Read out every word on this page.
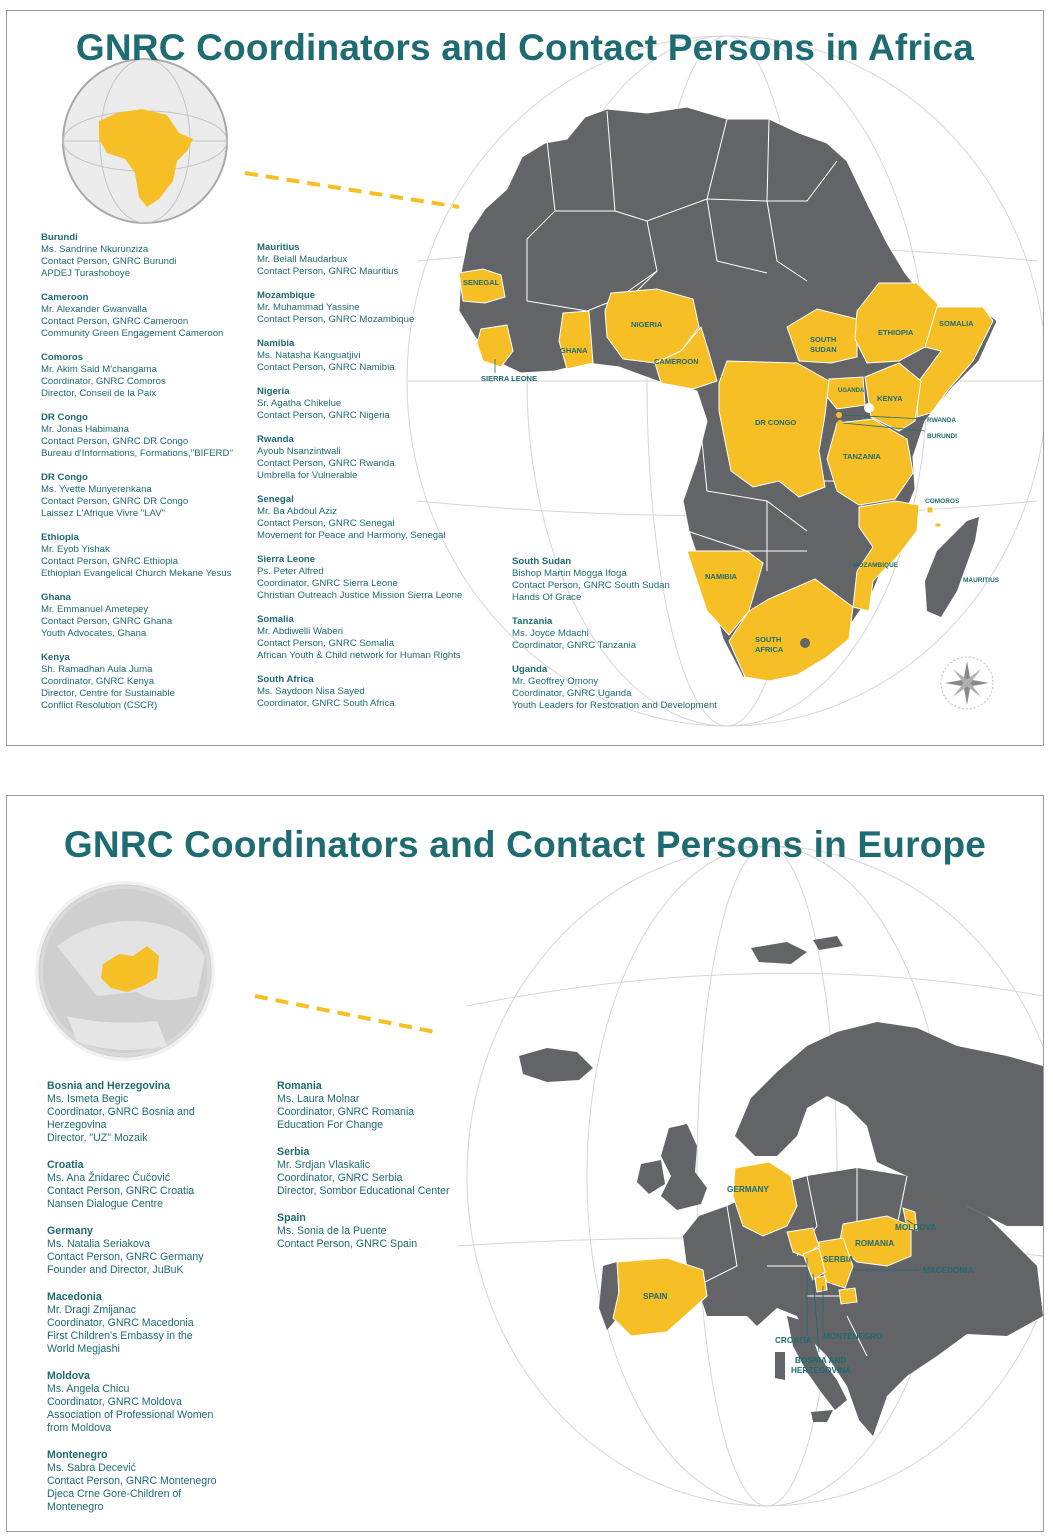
SENEGAL
SIERRA LEONE
GHANA
NIGERIA
CAMEROON
SOUTH
SUDAN
ETHIOPIA
SOMALIA
UGANDA
KENYA
RWANDA
BURUNDI
DR CONGO
TANZANIA
COMOROS
MOZAMBIQUE
MAURITIUS
NAMIBIA
SOUTH
AFRICA
GNRC Coordinators and Contact Persons in Africa
Burundi
Ms. Sandrine Nkurunziza
Contact Person, GNRC Burundi
APDEJ Turashoboye
Cameroon
Mr. Alexander Gwanvalla
Contact Person, GNRC Cameroon
Community Green Engagement Cameroon
Comoros
Mr. Akim Said M'changama
Coordinator, GNRC Comoros
Director, Conseil de la Paix
DR Congo
Mr. Jonas Habimana
Contact Person, GNRC DR Congo
Bureau d'Informations, Formations,''BIFERD''
DR Congo
Ms. Yvette Munyerenkana
Contact Person, GNRC DR Congo
Laissez L'Afrique Vivre "LAV"
Ethiopia
Mr. Eyob Yishak
Contact Person, GNRC Ethiopia
Ethiopian Evangelical Church Mekane Yesus
Ghana
Mr. Emmanuel Ametepey
Contact Person, GNRC Ghana
Youth Advocates, Ghana
Kenya
Sh. Ramadhan Aula Juma
Coordinator, GNRC Kenya
Director, Centre for Sustainable
Conflict Resolution (CSCR)
Mauritius
Mr. Belall Maudarbux
Contact Person, GNRC Mauritius
Mozambique
Mr. Muhammad Yassine
Contact Person, GNRC Mozambique
Namibia
Ms. Natasha Kanguatjivi
Contact Person, GNRC Namibia
Nigeria
Sr. Agatha Chikelue
Contact Person, GNRC Nigeria
Rwanda
Ayoub Nsanzintwali
Contact Person, GNRC Rwanda
Umbrella for Vulnerable
Senegal
Mr. Ba Abdoul Aziz
Contact Person, GNRC Senegal
Movement for Peace and Harmony, Senegal
Sierra Leone
Ps. Peter Alfred
Coordinator, GNRC Sierra Leone
Christian Outreach Justice Mission Sierra Leone
Somalia
Mr. Abdiwelli Waberi
Contact Person, GNRC Somalia
African Youth & Child network for Human Rights
South Africa
Ms. Saydoon Nisa Sayed
Coordinator, GNRC South Africa
South Sudan
Bishop Martin Mogga Ifoga
Contact Person, GNRC South Sudan
Hands Of Grace
Tanzania
Ms. Joyce Mdachi
Coordinator, GNRC Tanzania
Uganda
Mr. Geoffrey Omony
Coordinator, GNRC Uganda
Youth Leaders for Restoration and Development
GERMANY
ROMANIA
MOLDOVA
SERBIA
MACEDONIA
SPAIN
CROATIA MONTENEGRO
BOSNIA AND
HERZEGOVINA
GNRC Coordinators and Contact Persons in Europe
Bosnia and Herzegovina
Ms. Ismeta Begic
Coordinator, GNRC Bosnia and
Herzegovina
Director, "UZ" Mozaik
Croatia
Ms. Ana Žnidarec Čučović
Contact Person, GNRC Croatia
Nansen Dialogue Centre
Germany
Ms. Natalia Seriakova
Contact Person, GNRC Germany
Founder and Director, JuBuK
Macedonia
Mr. Dragi Zmijanac
Coordinator, GNRC Macedonia
First Children's Embassy in the
World Megjashi
Moldova
Ms. Angela Chicu
Coordinator, GNRC Moldova
Association of Professional Women
from Moldova
Montenegro
Ms. Sabra Decević
Contact Person, GNRC Montenegro
Djeca Crne Gore-Children of
Montenegro
Romania
Ms. Laura Molnar
Coordinator, GNRC Romania
Education For Change
Serbia
Mr. Srdjan Vlaskalic
Coordinator, GNRC Serbia
Director, Sombor Educational Center
Spain
Ms. Sonia de la Puente
Contact Person, GNRC Spain
